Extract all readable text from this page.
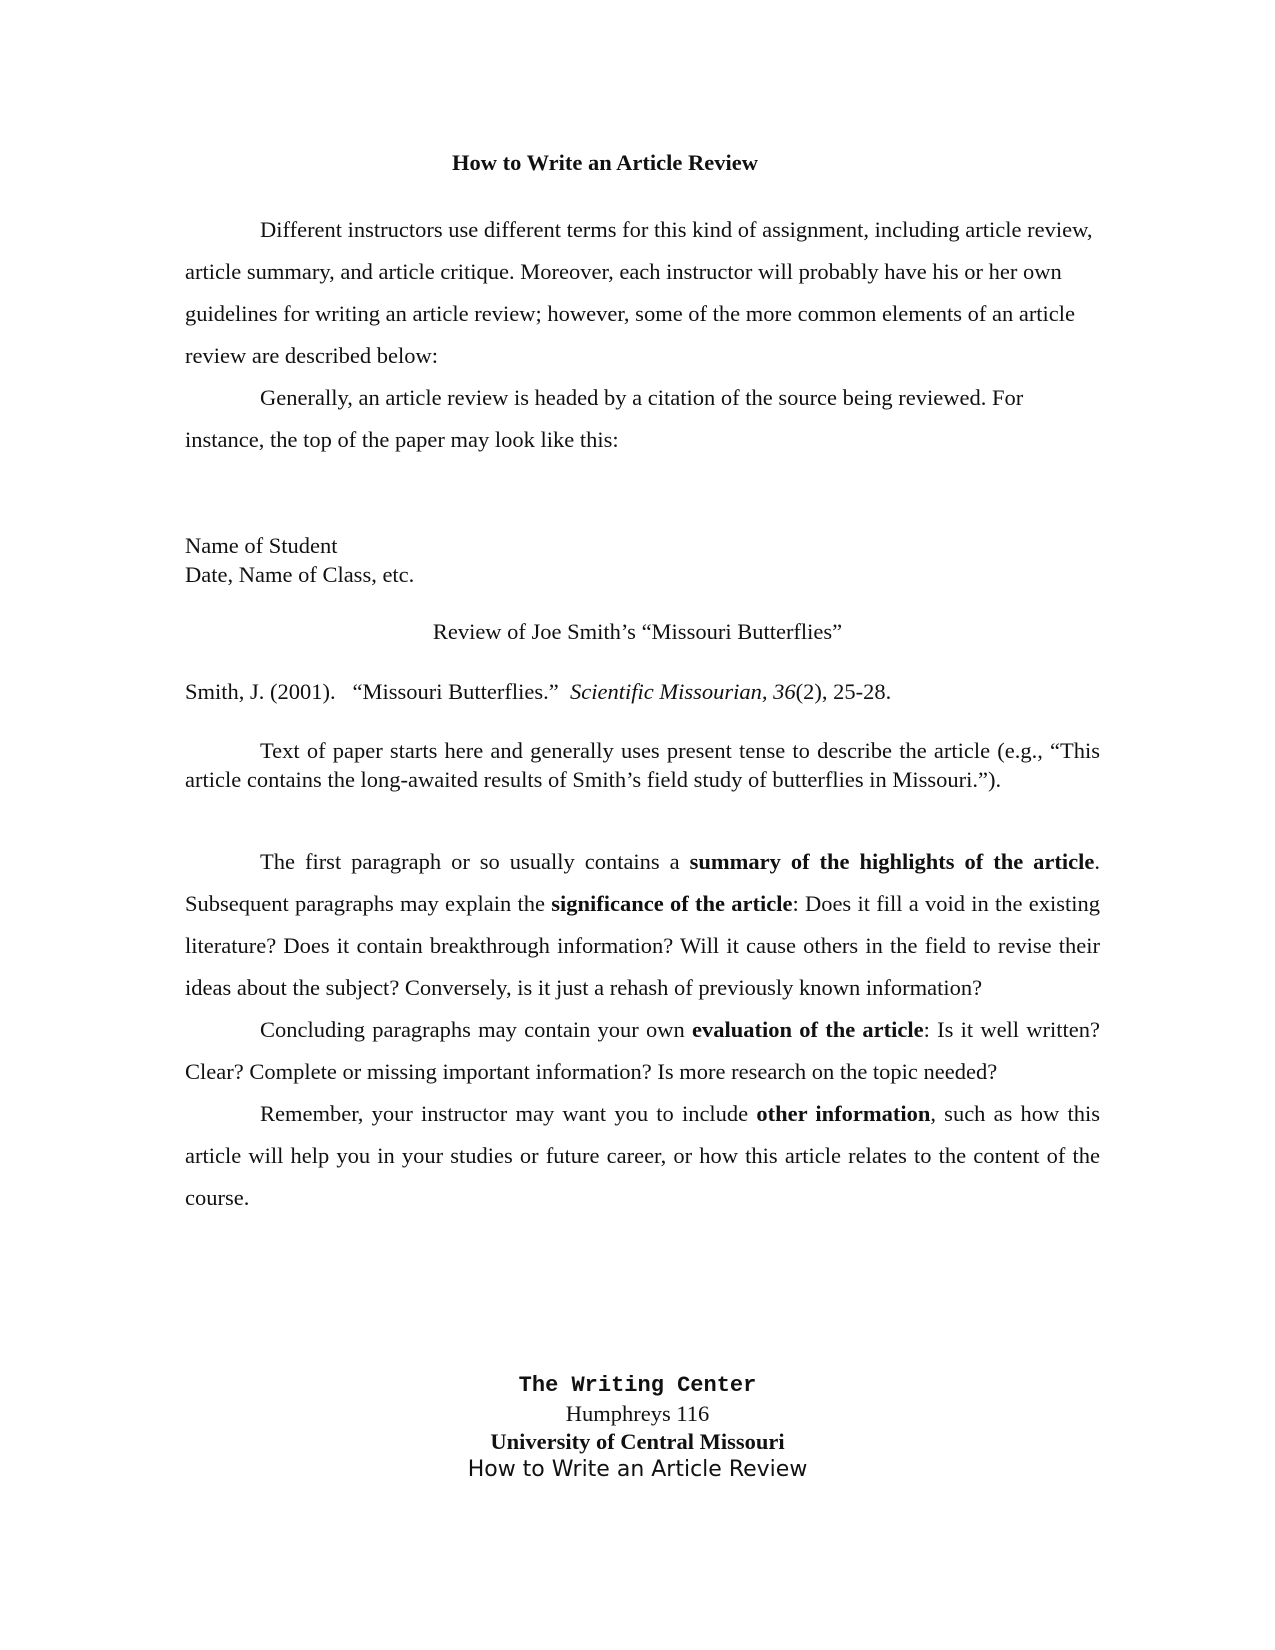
How to Write an Article Review

Different instructors use different terms for this kind of assignment, including article review, article summary, and article critique. Moreover, each instructor will probably have his or her own guidelines for writing an article review; however, some of the more common elements of an article review are described below:

Generally, an article review is headed by a citation of the source being reviewed. For instance, the top of the paper may look like this:

Name of Student
Date, Name of Class, etc.
Review of Joe Smith’s “Missouri Butterflies”
Smith, J. (2001).   “Missouri Butterflies.”  Scientific Missourian, 36(2), 25-28.

Text of paper starts here and generally uses present tense to describe the article (e.g., “This article contains the long-awaited results of Smith’s field study of butterflies in Missouri.”).

The first paragraph or so usually contains a summary of the highlights of the article. Subsequent paragraphs may explain the significance of the article: Does it fill a void in the existing literature? Does it contain breakthrough information? Will it cause others in the field to revise their ideas about the subject? Conversely, is it just a rehash of previously known information?

Concluding paragraphs may contain your own evaluation of the article: Is it well written? Clear? Complete or missing important information? Is more research on the topic needed?

Remember, your instructor may want you to include other information, such as how this article will help you in your studies or future career, or how this article relates to the content of the course.

The Writing Center
Humphreys 116
University of Central Missouri
How to Write an Article Review
